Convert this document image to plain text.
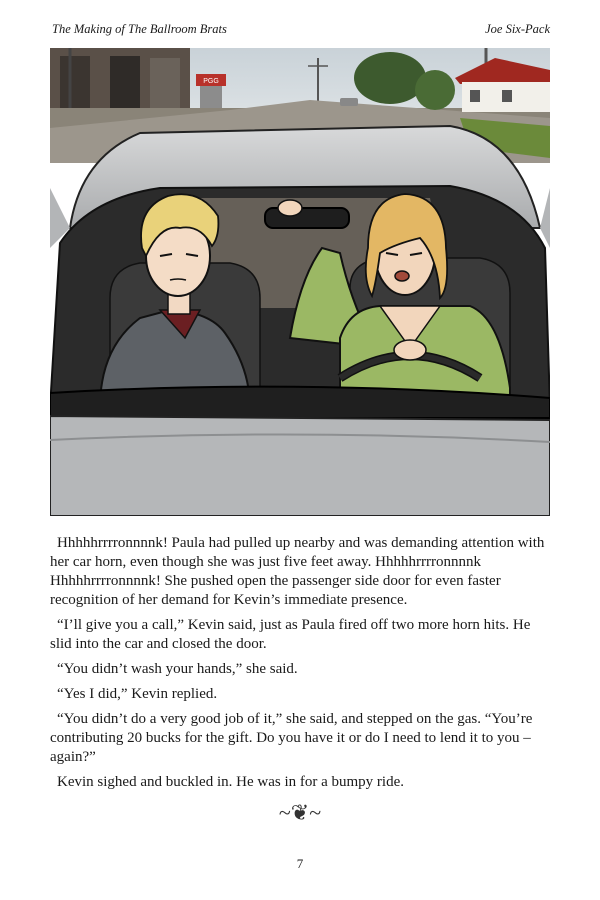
The Making of The Ballroom Brats	Joe Six-Pack
PGG

Hhhhhrrrronnnnk! Paula had pulled up nearby and was demanding attention with her car horn, even though she was just five feet away. Hhhhhrrrronnnnk Hhhhhrrrronnnnk! She pushed open the passenger side door for even faster recognition of her demand for Kevin’s immediate presence.

“I’ll give you a call,” Kevin said, just as Paula fired off two more horn hits. He slid into the car and closed the door.

“You didn’t wash your hands,” she said.

“Yes I did,” Kevin replied.

“You didn’t do a very good job of it,” she said, and stepped on the gas. “You’re contributing 20 bucks for the gift. Do you have it or do I need to lend it to you – again?”

Kevin sighed and buckled in. He was in for a bumpy ride.

~❦~
7
